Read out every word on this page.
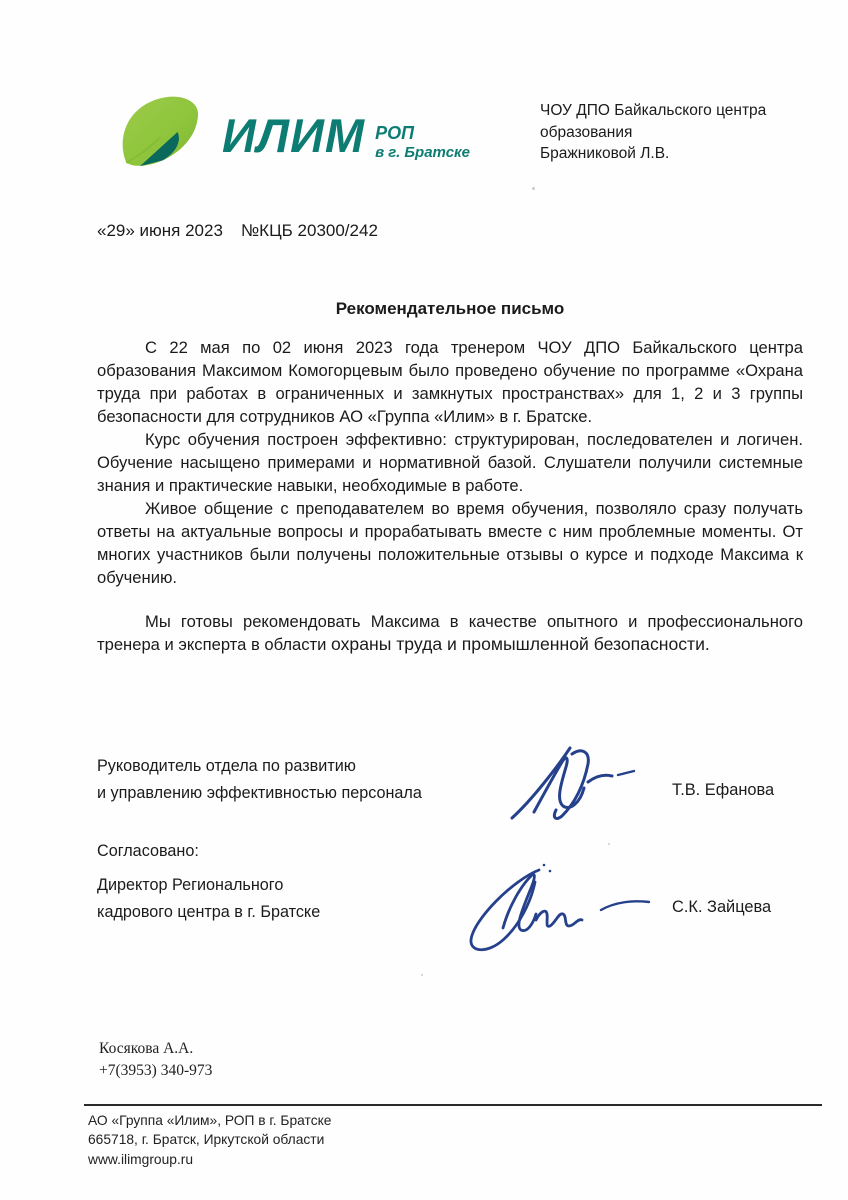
ИЛИМ РОП
в г. Братске
ЧОУ ДПО Байкальского центра
образования
Бражниковой Л.В.
«29» июня 2023 №КЦБ 20300/242
Рекомендательное письмо

С 22 мая по 02 июня 2023 года тренером ЧОУ ДПО Байкальского центра образования Максимом Комогорцевым было проведено обучение по программе «Охрана труда при работах в ограниченных и замкнутых пространствах» для 1, 2 и 3 группы безопасности для сотрудников АО «Группа «Илим» в г. Братске.

Курс обучения построен эффективно: структурирован, последователен и логичен. Обучение насыщено примерами и нормативной базой. Слушатели получили системные знания и практические навыки, необходимые в работе.

Живое общение с преподавателем во время обучения, позволяло сразу получать ответы на актуальные вопросы и прорабатывать вместе с ним проблемные моменты. От многих участников были получены положительные отзывы о курсе и подходе Максима к обучению.

Мы готовы рекомендовать Максима в качестве опытного и профессионального тренера и эксперта в области охраны труда и промышленной безопасности.

Руководитель отдела по развитию
и управлению эффективностью персонала	Т.В. Ефанова
Согласовано:
Директор Регионального
кадрового центра в г. Братске	С.К. Зайцева
Косякова А.А.
+7(3953) 340-973
АО «Группа «Илим», РОП в г. Братске
665718, г. Братск, Иркутской области
www.ilimgroup.ru
